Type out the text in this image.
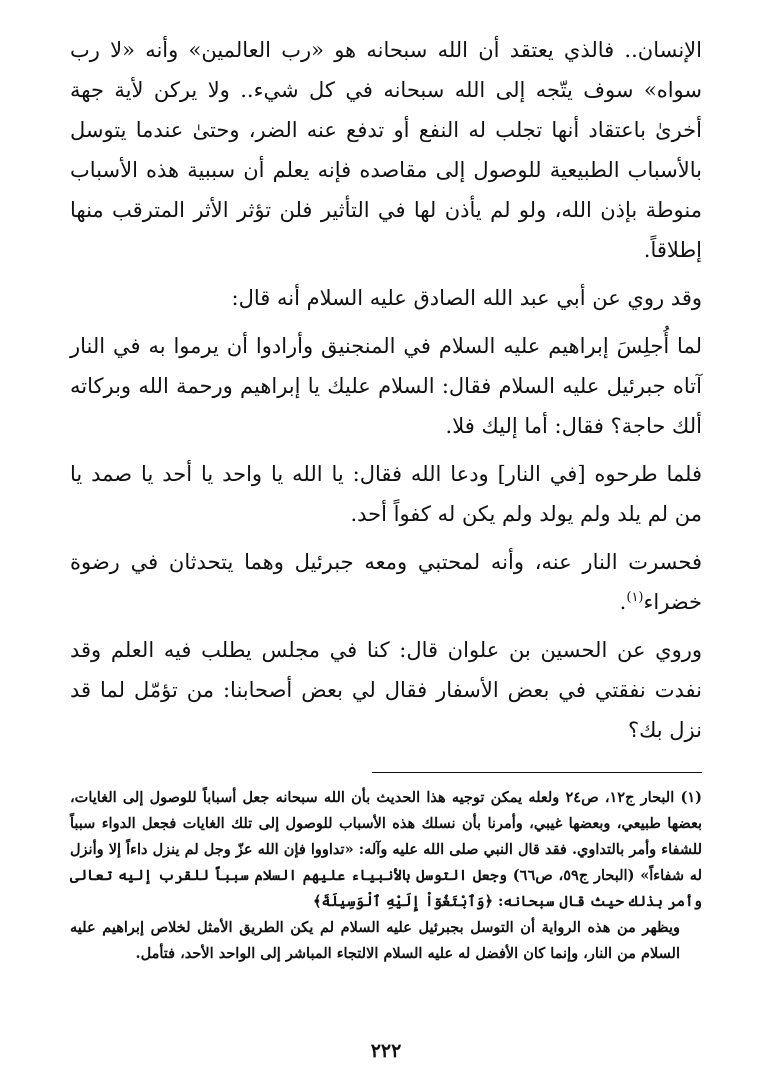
الإنسان.. فالذي يعتقد أن الله سبحانه هو «رب العالمين» وأنه «لا رب سواه» سوف يتّجه إلى الله سبحانه في كل شيء.. ولا يركن لأية جهة أخرىٰ باعتقاد أنها تجلب له النفع أو تدفع عنه الضر، وحتىٰ عندما يتوسل بالأسباب الطبيعية للوصول إلى مقاصده فإنه يعلم أن سببية هذه الأسباب منوطة بإذن الله، ولو لم يأذن لها في التأثير فلن تؤثر الأثر المترقب منها إطلاقاً.

وقد روي عن أبي عبد الله الصادق عليه السلام أنه قال:

لما أُجلِسَ إبراهيم عليه السلام في المنجنيق وأرادوا أن يرموا به في النار آتاه جبرئيل عليه السلام فقال: السلام عليك يا إبراهيم ورحمة الله وبركاته ألك حاجة؟ فقال: أما إليك فلا.

فلما طرحوه [في النار] ودعا الله فقال: يا الله يا واحد يا أحد يا صمد يا من لم يلد ولم يولد ولم يكن له كفواً أحد.

فحسرت النار عنه، وأنه لمحتبي ومعه جبرئيل وهما يتحدثان في رضوة خضراء$^{(١)}$.

وروي عن الحسين بن علوان قال: كنا في مجلس يطلب فيه العلم وقد نفدت نفقتي في بعض الأسفار فقال لي بعض أصحابنا: من تؤمّل لما قد نزل بك؟

(١) البحار ج١٢، ص٢٤ ولعله يمكن توجيه هذا الحديث بأن الله سبحانه جعل أسباباً للوصول إلى الغايات، بعضها طبيعي، وبعضها غيبي، وأمرنا بأن نسلك هذه الأسباب للوصول إلى تلك الغايات فجعل الدواء سبباً للشفاء وأمر بالتداوي. فقد قال النبي صلى الله عليه وآله: «تداووا فإن الله عزّ وجل لم ينزل داءاً إلا وأنزل له شفاءاً» (البحار ج٥٩، ص٦٦) وجعل التوسل بالأنبياء عليهم السلام سبباً للقرب إليه تعالى وأمر بذلك حيث قال سبحانه: ﴿وَٱبْتَغُوٓاْ إِلَيْهِ ٱلْوَسِيلَةَ﴾

ويظهر من هذه الرواية أن التوسل بجبرئيل عليه السلام لم يكن الطريق الأمثل لخلاص إبراهيم عليه السلام من النار، وإنما كان الأفضل له عليه السلام الالتجاء المباشر إلى الواحد الأحد، فتأمل.

٢٢٢
